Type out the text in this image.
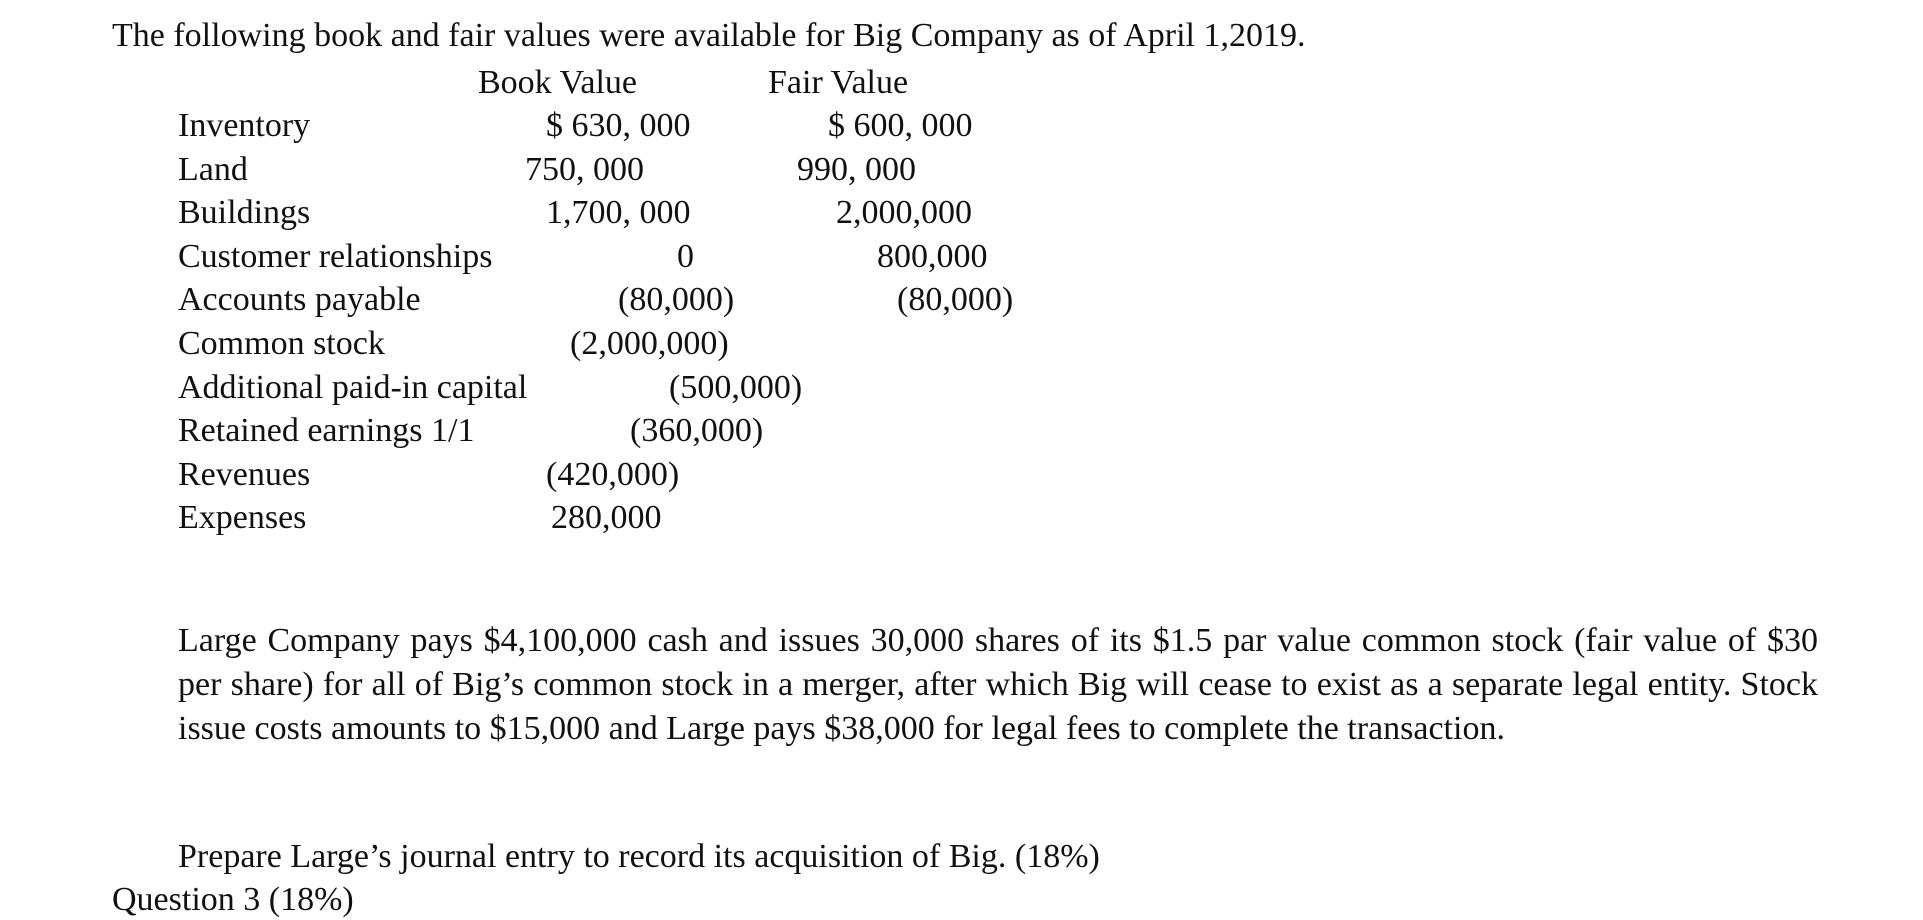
The following book and fair values were available for Big Company as of April 1,2019.
Book Value	Fair Value
Inventory
Land
Buildings
Customer relationships
Accounts payable
Common stock
Additional paid-in capital
Retained earnings 1/1
Revenues
Expenses
$ 630, 000
750, 000
1,700, 000
0
(80,000)
(2,000,000)
(500,000)
(360,000)
(420,000)
280,000
$ 600, 000
990, 000
2,000,000
800,000
(80,000)
Large Company pays $4,100,000 cash and issues 30,000 shares of its $1.5 par value common stock (fair value of $30 per share) for all of Big’s common stock in a merger, after which Big will cease to exist as a separate legal entity. Stock issue costs amounts to $15,000 and Large pays $38,000 for legal fees to complete the transaction.
Prepare Large’s journal entry to record its acquisition of Big. (18%)
Question 3 (18%)
